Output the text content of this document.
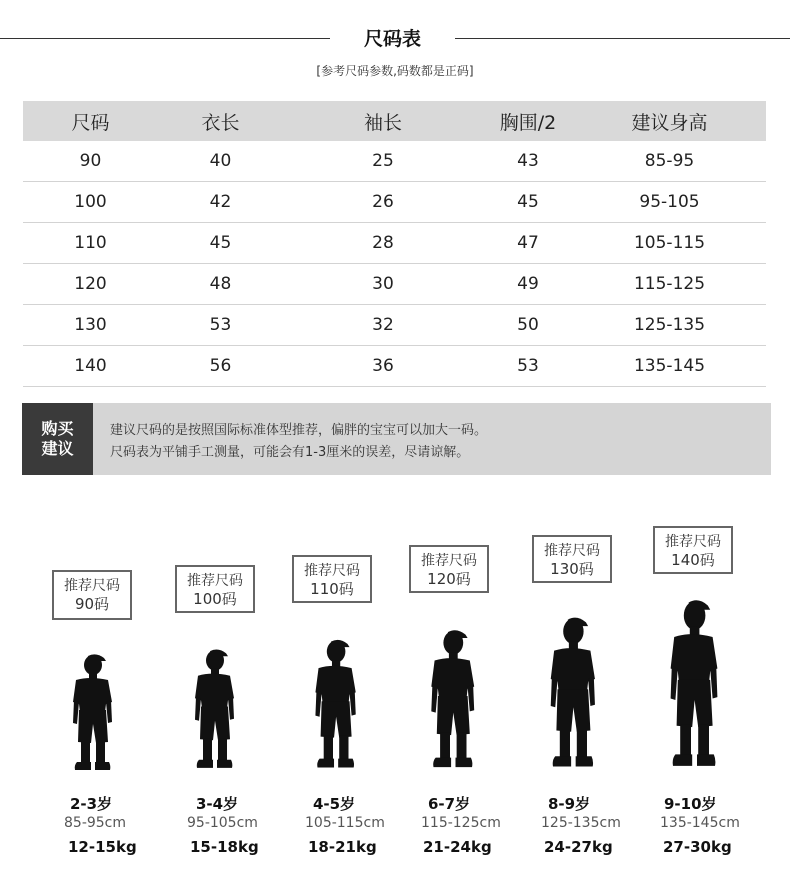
尺码表
[参考尺码参数,码数都是正码]
尺码	衣长	袖长	胸围/2	建议身高
90	40	25	43	85-95
100	42	26	45	95-105
110	45	28	47	105-115
120	48	30	49	115-125
130	53	32	50	125-135
140	56	36	53	135-145
购买
建议
建议尺码的是按照国际标准体型推荐，偏胖的宝宝可以加大一码。
尺码表为平铺手工测量，可能会有1-3厘米的误差，尽请谅解。
推荐尺码
90码
2-3岁
85-95cm
12-15kg
推荐尺码
100码
3-4岁
95-105cm
15-18kg
推荐尺码
110码
4-5岁
105-115cm
18-21kg
推荐尺码
120码
6-7岁
115-125cm
21-24kg
推荐尺码
130码
8-9岁
125-135cm
24-27kg
推荐尺码
140码
9-10岁
135-145cm
27-30kg
